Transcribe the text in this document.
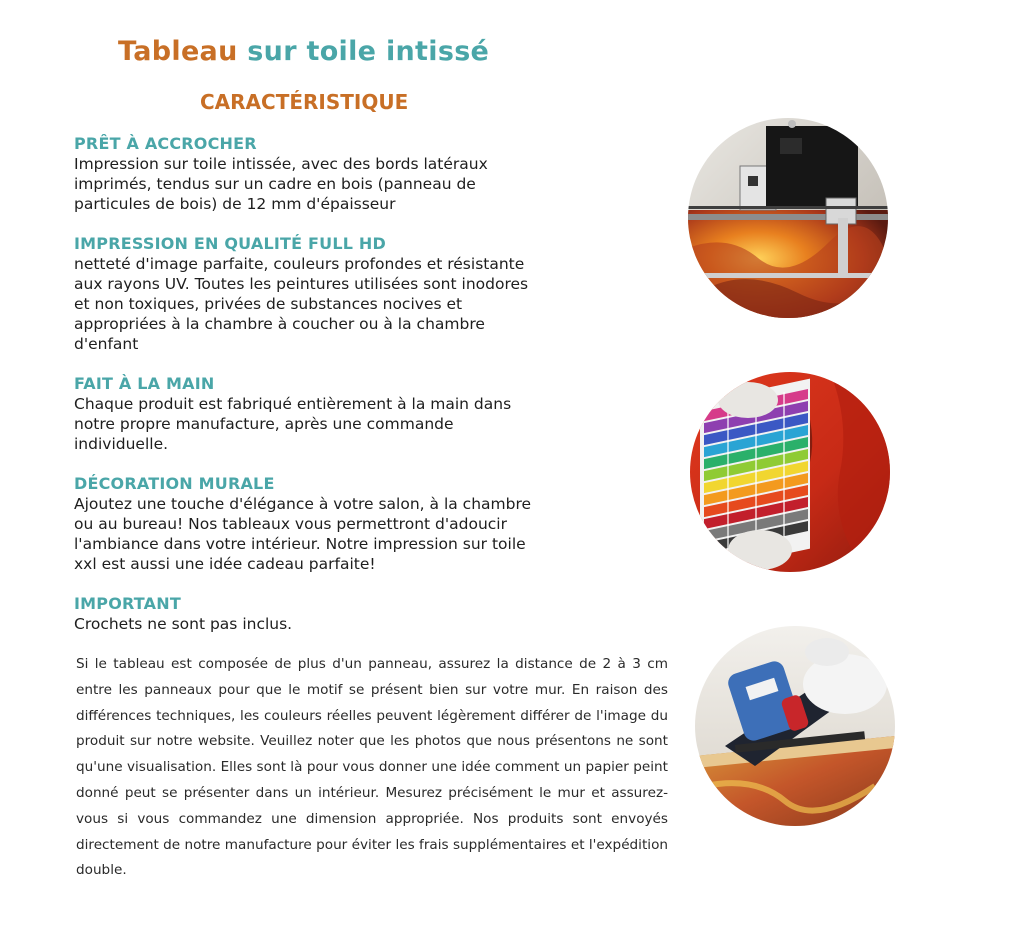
Tableau sur toile intissé
CARACTÉRISTIQUE

PRÊT À ACCROCHER

Impression sur toile intissée, avec des bords latéraux
imprimés, tendus sur un cadre en bois (panneau de
particules de bois) de 12 mm d'épaisseur

IMPRESSION EN QUALITÉ FULL HD

netteté d'image parfaite, couleurs profondes et résistante
aux rayons UV. Toutes les peintures utilisées sont inodores
et non toxiques, privées de substances nocives et
appropriées à la chambre à coucher ou à la chambre
d'enfant

FAIT À LA MAIN

Chaque produit est fabriqué entièrement à la main dans
notre propre manufacture, après une commande
individuelle.

DÉCORATION MURALE

Ajoutez une touche d'élégance à votre salon, à la chambre
ou au bureau! Nos tableaux vous permettront d'adoucir
l'ambiance dans votre intérieur. Notre impression sur toile
xxl est aussi une idée cadeau parfaite!

IMPORTANT

Crochets ne sont pas inclus.

Si le tableau est composée de plus d'un panneau, assurez la distance de 2 à 3 cm entre les panneaux pour que le motif se présent bien sur votre mur. En raison des différences techniques, les couleurs réelles peuvent légèrement différer de l'image du produit sur notre website. Veuillez noter que les photos que nous présentons ne sont qu'une visualisation. Elles sont là pour vous donner une idée comment un papier peint donné peut se présenter dans un intérieur. Mesurez précisément le mur et assurez-vous si vous commandez une dimension appropriée. Nos produits sont envoyés directement de notre manufacture pour éviter les frais supplémentaires et l'expédition double.
